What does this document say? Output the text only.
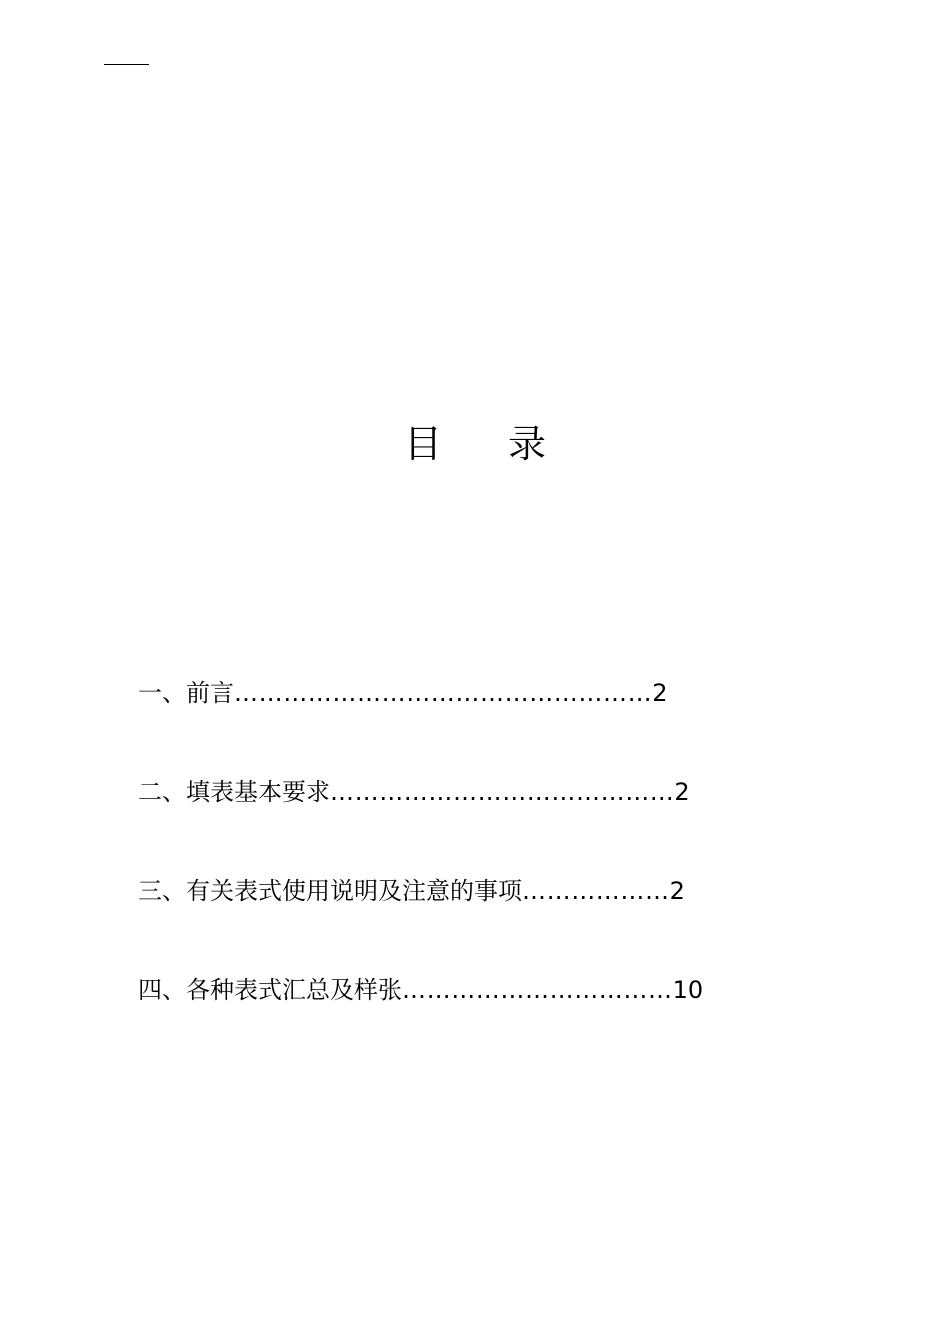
目 录
一、前言……………………………………………2
二、填表基本要求……………………………………2
三、有关表式使用说明及注意的事项………………2
四、各种表式汇总及样张……………………………10
